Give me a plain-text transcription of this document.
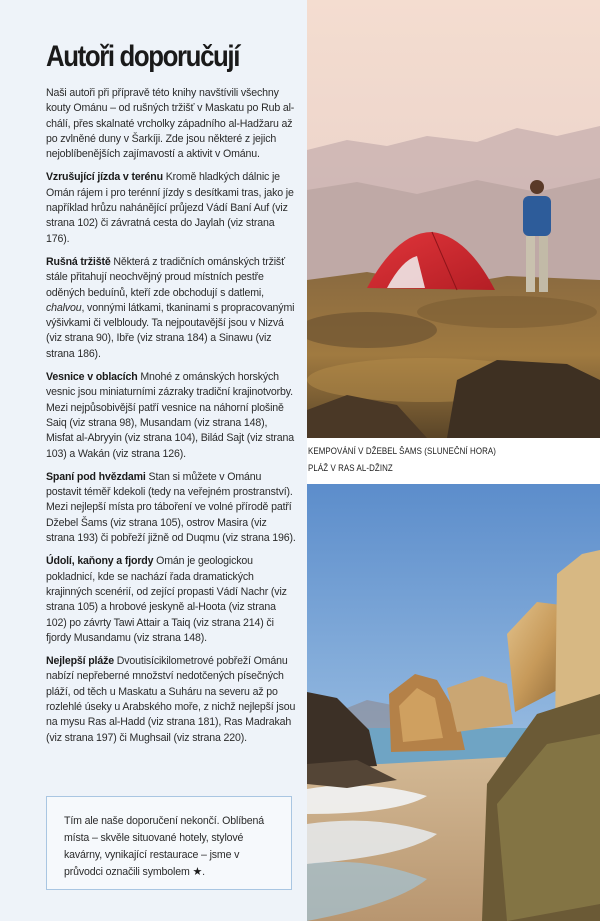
Autoři doporučují

Naši autoři při přípravě této knihy navštívili všechny kouty Ománu – od rušných tržišť v Maskatu po Rub al-chálí, přes skalnaté vrcholky západního al-Hadžaru až po zvlněné duny v Šarkíji. Zde jsou některé z jejich nejoblíbenějších zajímavostí a aktivit v Ománu.

Vzrušující jízda v terénu Kromě hladkých dálnic je Omán rájem i pro terénní jízdy s desítkami tras, jako je například hrůzu nahánějící průjezd Vádí Baní Auf (viz strana 102) či závratná cesta do Jaylah (viz strana 176).

Rušná tržiště Některá z tradičních ománských tržišť stále přitahují neochvějný proud místních pestře oděných beduínů, kteří zde obchodují s datlemi, chalvou, vonnými látkami, tkaninami s propracovanými výšivkami či velbloudy. Ta nejpoutavější jsou v Nizvá (viz strana 90), Ibře (viz strana 184) a Sinawu (viz strana 186).

Vesnice v oblacích Mnohé z ománských horských vesnic jsou miniaturními zázraky tradiční krajinotvorby. Mezi nejpůsobivější patří vesnice na náhorní plošině Saiq (viz strana 98), Musandam (viz strana 148), Misfat al-Abryyin (viz strana 104), Bilád Sajt (viz strana 103) a Wakán (viz strana 126).

Spaní pod hvězdami Stan si můžete v Ománu postavit téměř kdekoli (tedy na veřejném prostranství). Mezi nejlepší místa pro táboření ve volné přírodě patří Džebel Šams (viz strana 105), ostrov Masira (viz strana 193) či pobřeží jižně od Duqmu (viz strana 196).

Údolí, kaňony a fjordy Omán je geologickou pokladnicí, kde se nachází řada dramatických krajinných scenérií, od zející propasti Vádí Nachr (viz strana 105) a hrobové jeskyně al-Hoota (viz strana 102) po závrty Tawi Attair a Taiq (viz strana 214) či fjordy Musandamu (viz strana 148).

Nejlepší pláže Dvoutisícikilometrové pobřeží Ománu nabízí nepřeberné množství nedotčených písečných pláží, od těch u Maskatu a Suháru na severu až po rozlehlé úseky u Arabského moře, z nichž nejlepší jsou na mysu Ras al-Hadd (viz strana 181), Ras Madrakah (viz strana 197) či Mughsail (viz strana 220).

Tím ale naše doporučení nekončí. Oblíbená místa – skvěle situované hotely, stylové kavárny, vynikající restaurace – jsme v průvodci označili symbolem ★.
KEMPOVÁNÍ V DŽEBEL ŠAMS (SLUNEČNÍ HORA)
PLÁŽ V RAS AL-DŽINZ
